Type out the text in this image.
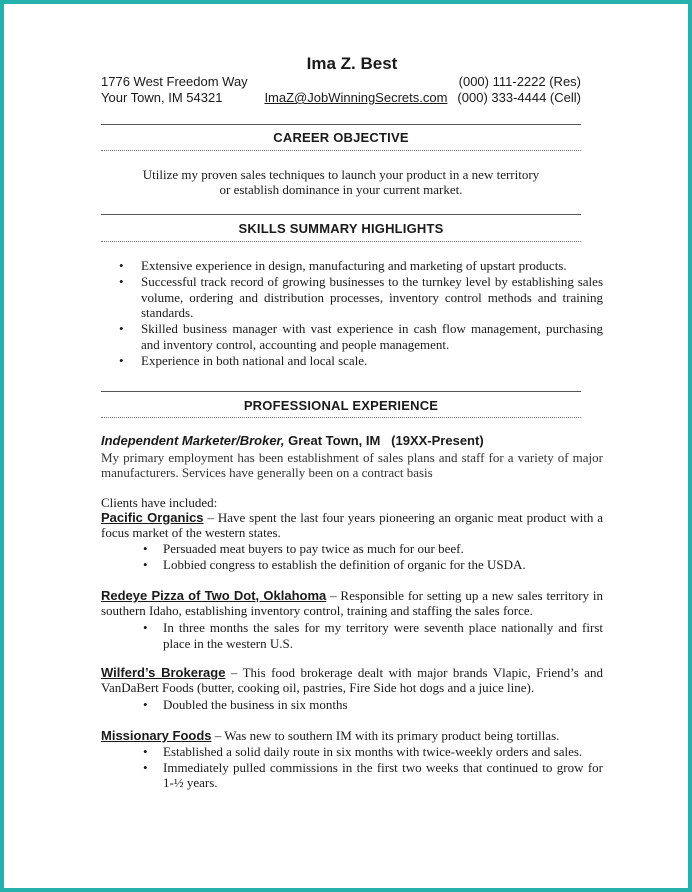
Ima Z. Best
1776 West Freedom Way	(000) 111-2222 (Res)
Your Town, IM 54321	ImaZ@JobWinningSecrets.com (000) 333-4444 (Cell)
CAREER OBJECTIVE
Utilize my proven sales techniques to launch your product in a new territory
or establish dominance in your current market.
SKILLS SUMMARY HIGHLIGHTS
• Extensive experience in design, manufacturing and marketing of upstart products.
• Successful track record of growing businesses to the turnkey level by establishing sales volume, ordering and distribution processes, inventory control methods and training standards.
• Skilled business manager with vast experience in cash flow management, purchasing and inventory control, accounting and people management.
• Experience in both national and local scale.
PROFESSIONAL EXPERIENCE
Independent Marketer/Broker, Great Town, IM (19XX-Present)
My primary employment has been establishment of sales plans and staff for a variety of major manufacturers. Services have generally been on a contract basis
Clients have included:
Pacific Organics – Have spent the last four years pioneering an organic meat product with a focus market of the western states.
• Persuaded meat buyers to pay twice as much for our beef.
• Lobbied congress to establish the definition of organic for the USDA.
Redeye Pizza of Two Dot, Oklahoma – Responsible for setting up a new sales territory in southern Idaho, establishing inventory control, training and staffing the sales force.
• In three months the sales for my territory were seventh place nationally and first place in the western U.S.
Wilferd’s Brokerage – This food brokerage dealt with major brands Vlapic, Friend’s and VanDaBert Foods (butter, cooking oil, pastries, Fire Side hot dogs and a juice line).
• Doubled the business in six months
Missionary Foods – Was new to southern IM with its primary product being tortillas.
• Established a solid daily route in six months with twice-weekly orders and sales.
• Immediately pulled commissions in the first two weeks that continued to grow for 1-½ years.
